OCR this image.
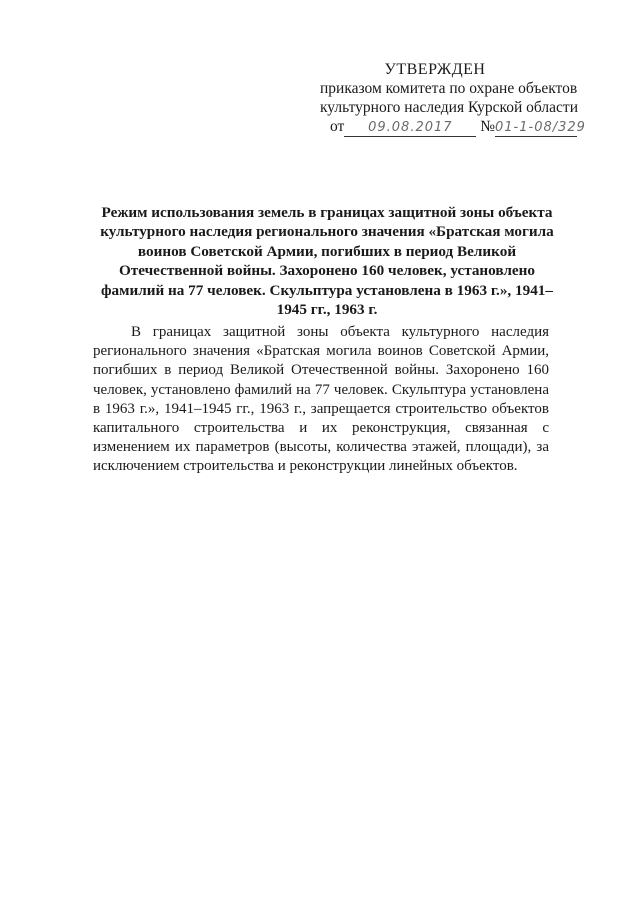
УТВЕРЖДЕН
приказом комитета по охране объектов
культурного наследия Курской области
от 09.08.2017 №01-1-08/329
Режим использования земель в границах защитной зоны объекта культурного наследия регионального значения «Братская могила воинов Советской Армии, погибших в период Великой Отечественной войны. Захоронено 160 человек, установлено фамилий на 77 человек. Скульптура установлена в 1963 г.», 1941–1945 гг., 1963 г.
В границах защитной зоны объекта культурного наследия регионального значения «Братская могила воинов Советской Армии, погибших в период Великой Отечественной войны. Захоронено 160 человек, установлено фамилий на 77 человек. Скульптура установлена в 1963 г.», 1941–1945 гг., 1963 г., запрещается строительство объектов капитального строительства и их реконструкция, связанная с изменением их параметров (высоты, количества этажей, площади), за исключением строительства и реконструкции линейных объектов.
